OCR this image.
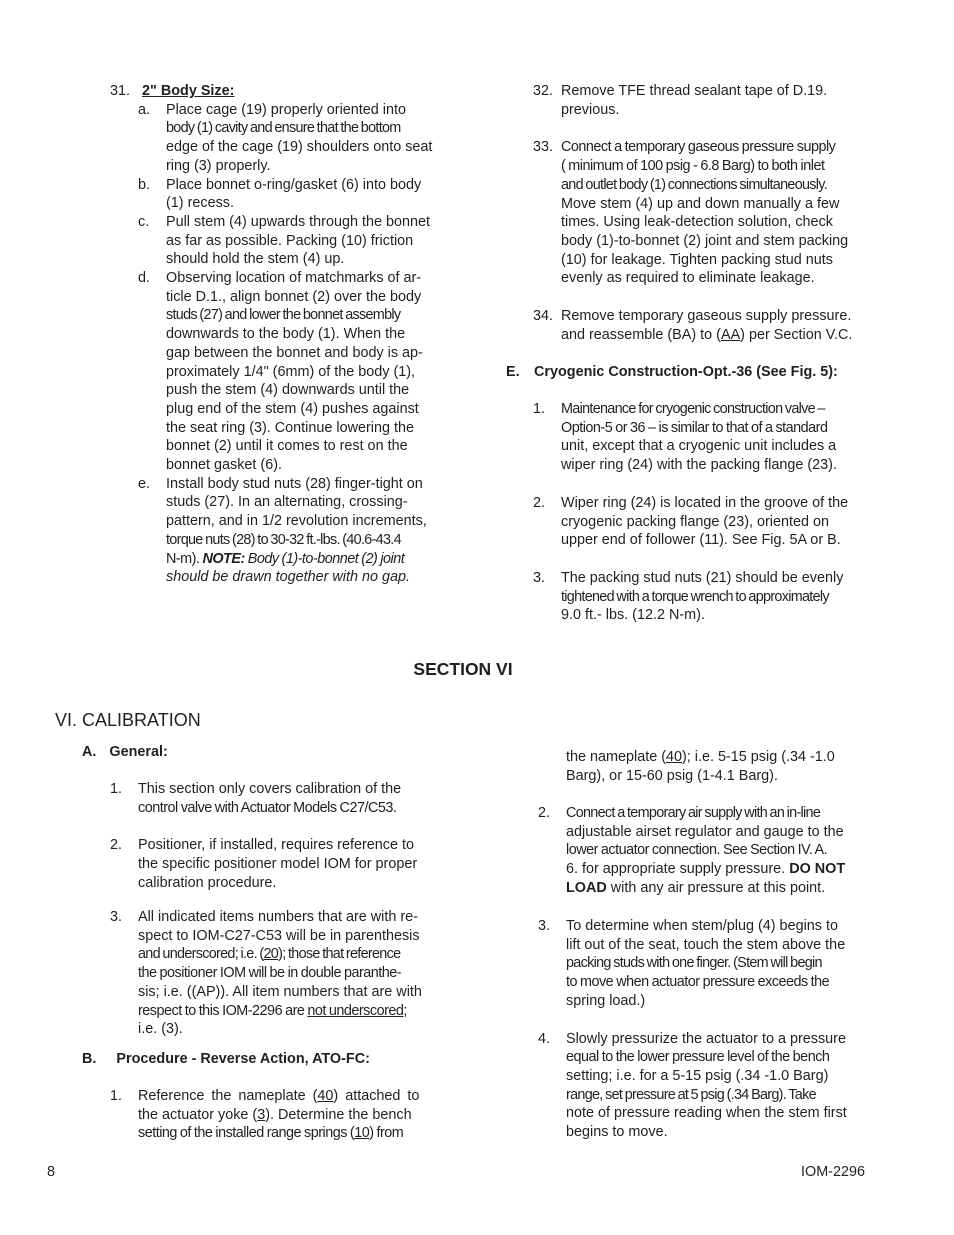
31. 2" Body Size:
a. Place cage (19) properly oriented into
body (1) cavity and ensure that the bottom
edge of the cage (19) shoulders onto seat
ring (3) properly.
b. Place bonnet o-ring/gasket (6) into body
(1) recess.
c. Pull stem (4) upwards through the bonnet
as far as possible. Packing (10) friction
should hold the stem (4) up.
d. Observing location of matchmarks of ar-
ticle D.1., align bonnet (2) over the body
studs (27) and lower the bonnet assembly
downwards to the body (1). When the
gap between the bonnet and body is ap-
proximately 1/4" (6mm) of the body (1),
push the stem (4) downwards until the
plug end of the stem (4) pushes against
the seat ring (3). Continue lowering the
bonnet (2) until it comes to rest on the
bonnet gasket (6).
e. Install body stud nuts (28) finger-tight on
studs (27). In an alternating, crossing-
pattern, and in 1/2 revolution increments,
torque nuts (28) to 30-32 ft.-lbs. (40.6-43.4
N-m). NOTE: Body (1)-to-bonnet (2) joint
should be drawn together with no gap.
32. Remove TFE thread sealant tape of D.19.
previous.
33. Connect a temporary gaseous pressure supply
( minimum of 100 psig - 6.8 Barg) to both inlet
and outlet body (1) connections simultaneously.
Move stem (4) up and down manually a few
times. Using leak-detection solution, check
body (1)-to-bonnet (2) joint and stem packing
(10) for leakage. Tighten packing stud nuts
evenly as required to eliminate leakage.
34. Remove temporary gaseous supply pressure.
and reassemble (BA) to (AA) per Section V.C.
E. Cryogenic Construction-Opt.-36 (See Fig. 5):
1. Maintenance for cryogenic construction valve –
Option-5 or 36 – is similar to that of a standard
unit, except that a cryogenic unit includes a
wiper ring (24) with the packing flange (23).
2. Wiper ring (24) is located in the groove of the
cryogenic packing flange (23), oriented on
upper end of follower (11). See Fig. 5A or B.
3. The packing stud nuts (21) should be evenly
tightened with a torque wrench to approximately
9.0 ft.- lbs. (12.2 N-m).
SECTION VI
VI. CALIBRATION
A. General:
1. This section only covers calibration of the
control valve with Actuator Models C27/C53.
2. Positioner, if installed, requires reference to
the specific positioner model IOM for proper
calibration procedure.
3. All indicated items numbers that are with re-
spect to IOM-C27-C53 will be in parenthesis
and underscored; i.e. (20); those that reference
the positioner IOM will be in double paranthe-
sis; i.e. ((AP)). All item numbers that are with
respect to this IOM-2296 are not underscored;
i.e. (3).
B. Procedure - Reverse Action, ATO-FC:
1. Reference the nameplate (40) attached to
the actuator yoke (3). Determine the bench
setting of the installed range springs (10) from
the nameplate (40); i.e. 5-15 psig (.34 -1.0
Barg), or 15-60 psig (1-4.1 Barg).
2. Connect a temporary air supply with an in-line
adjustable airset regulator and gauge to the
lower actuator connection. See Section IV. A.
6. for appropriate supply pressure. DO NOT
LOAD with any air pressure at this point.
3. To determine when stem/plug (4) begins to
lift out of the seat, touch the stem above the
packing studs with one finger. (Stem will begin
to move when actuator pressure exceeds the
spring load.)
4. Slowly pressurize the actuator to a pressure
equal to the lower pressure level of the bench
setting; i.e. for a 5-15 psig (.34 -1.0 Barg)
range, set pressure at 5 psig (.34 Barg). Take
note of pressure reading when the stem first
begins to move.
8	IOM-2296
